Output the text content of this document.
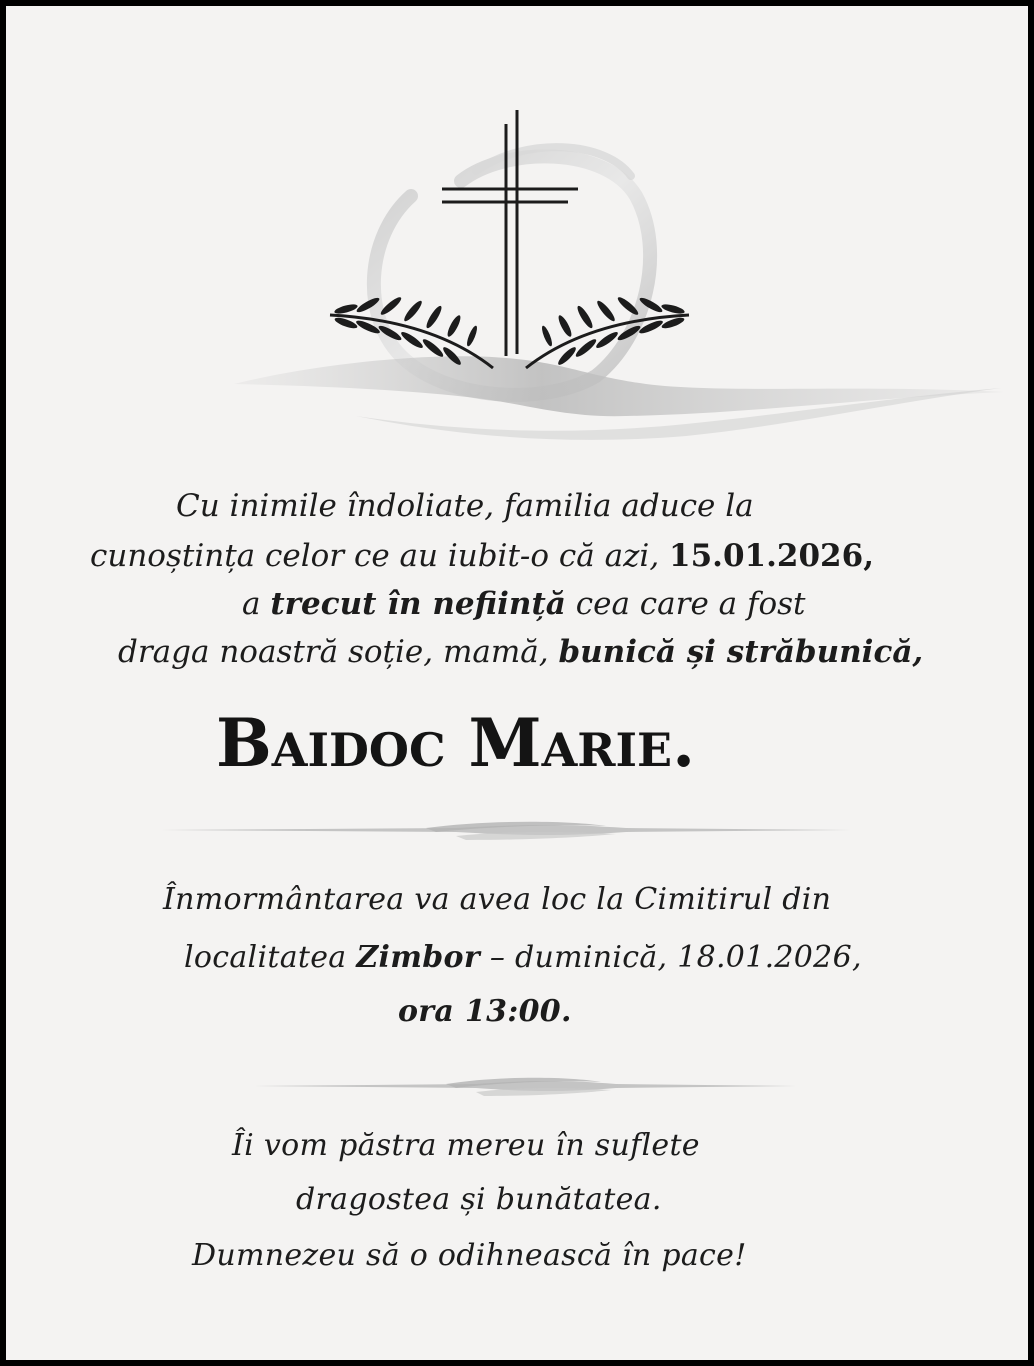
Cu inimile îndoliate, familia aduce la

cunoștința celor ce au iubit-o că azi, 15.01.2026,

a trecut în neființă cea care a fost

draga noastră soție, mamă, bunică și străbunică,

Baidoc Marie.

Înmormântarea va avea loc la Cimitirul din

localitatea Zimbor – duminică, 18.01.2026,

ora 13:00.

Îi vom păstra mereu în suflete

dragostea și bunătatea.

Dumnezeu să o odihnească în pace!
